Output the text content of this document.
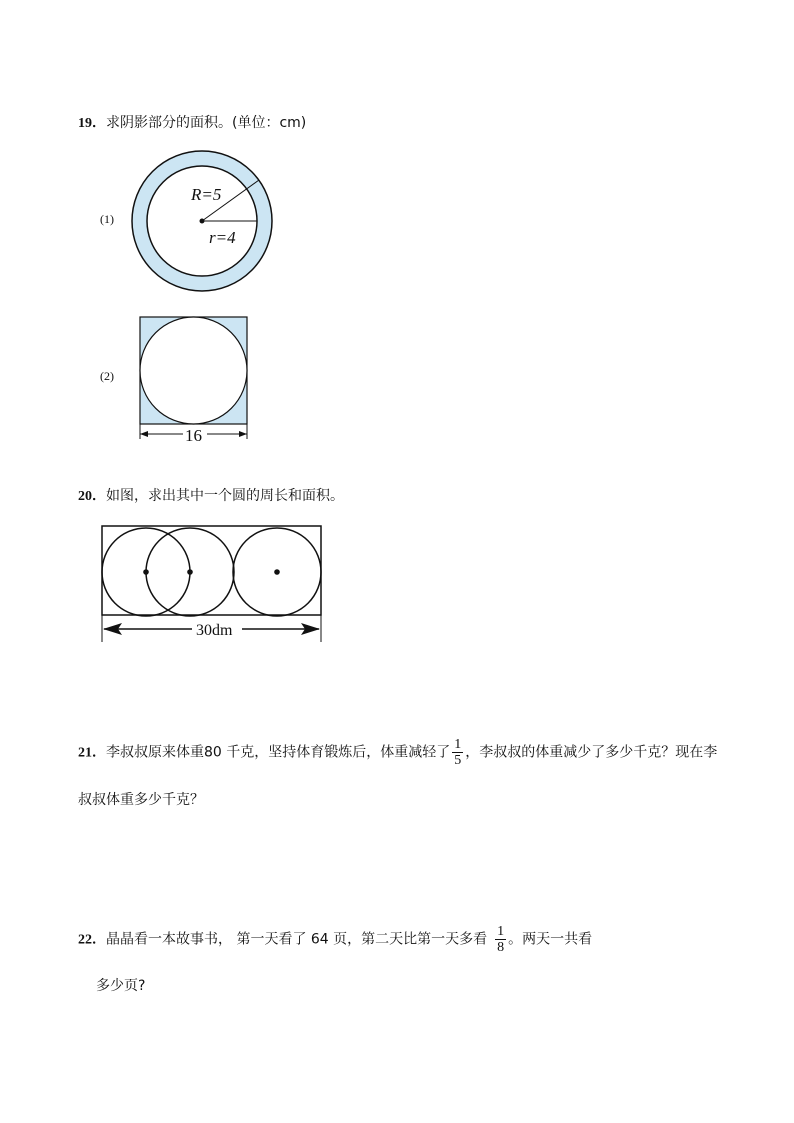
19．求阴影部分的面积。(单位：cm)
(1)
R=5
r=4
(2)
16
20．如图，求出其中一个圆的周长和面积。
30dm
21．李叔叔原来体重80 千克，坚持体育锻炼后，体重减轻了 $\frac{1}{5}$ ，李叔叔的体重减少了多少千克？现在李
叔叔体重多少千克？
22．晶晶看一本故事书， 第一天看了 64 页，第二天比第一天多看 $\frac{1}{8}$ 。两天一共看
多少页?
